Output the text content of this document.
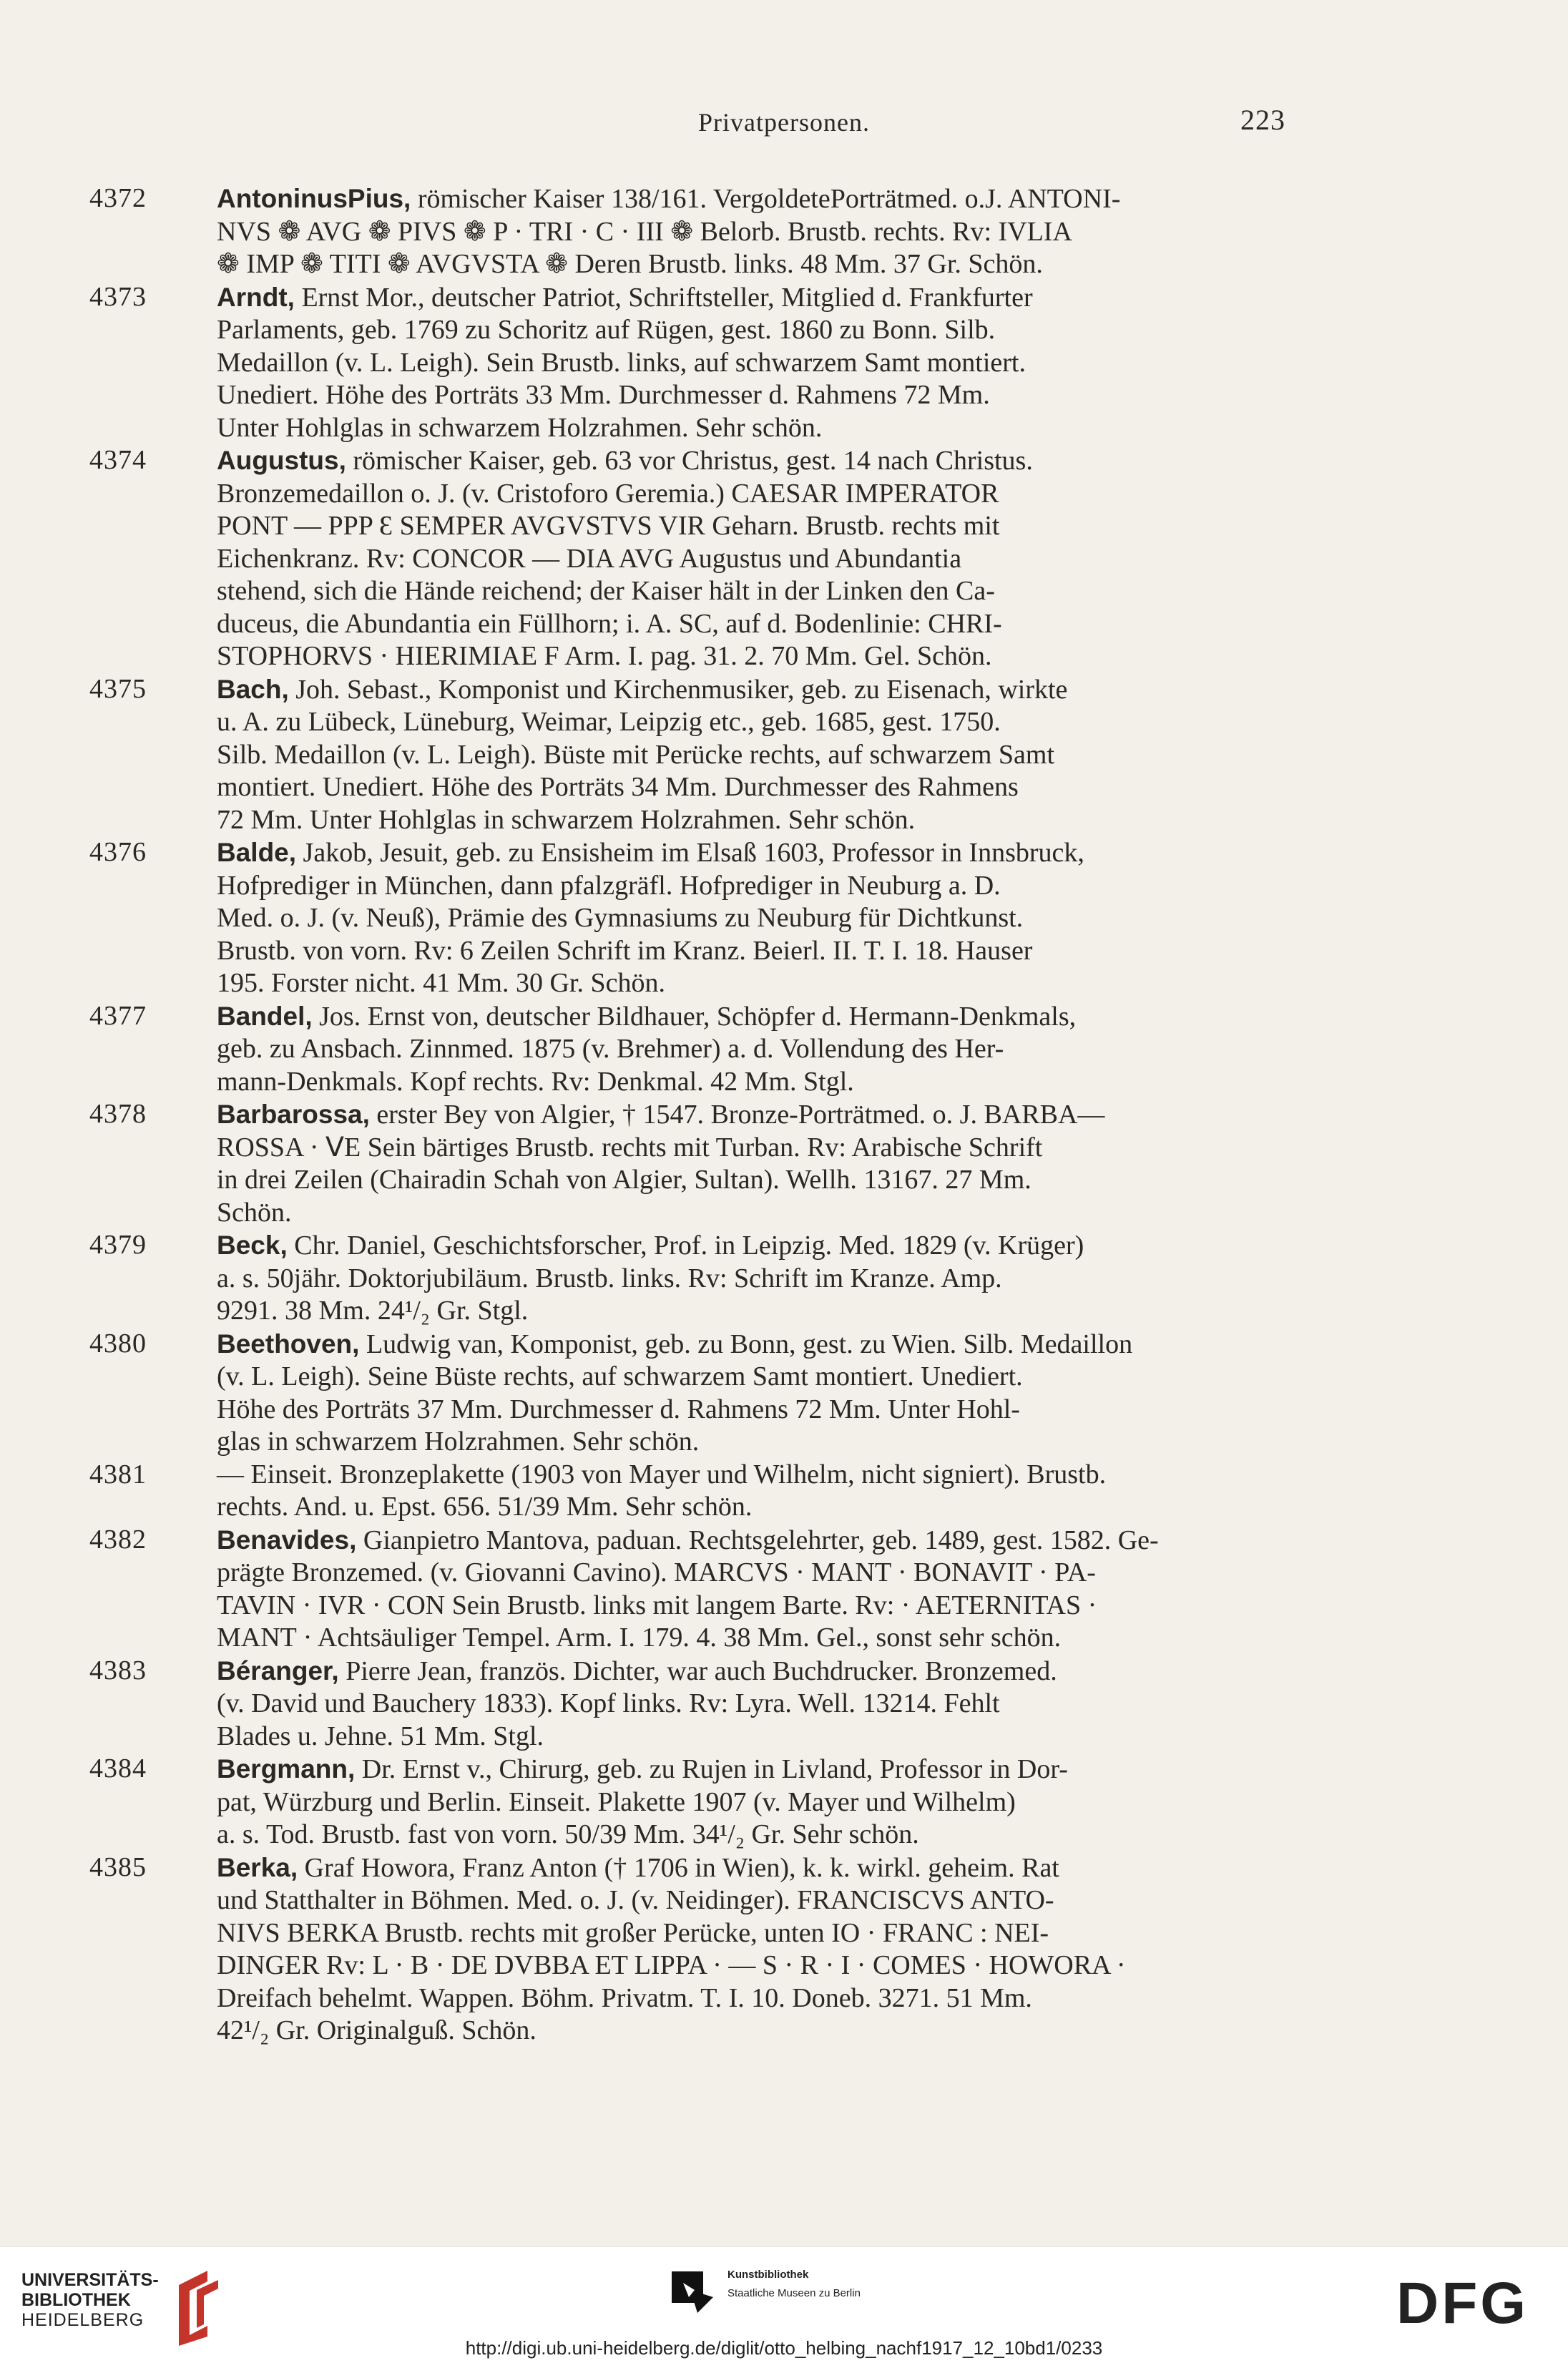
Privatpersonen.	223
4372	AntoninusPius, römischer Kaiser 138/161. VergoldetePorträtmed. o.J. ANTONI-
NVS ❁ AVG ❁ PIVS ❁ P · TRI · C · III ❁ Belorb. Brustb. rechts. Rv: IVLIA
❁ IMP ❁ TITI ❁ AVGVSTA ❁ Deren Brustb. links. 48 Mm. 37 Gr. Schön.
4373	Arndt, Ernst Mor., deutscher Patriot, Schriftsteller, Mitglied d. Frankfurter
Parlaments, geb. 1769 zu Schoritz auf Rügen, gest. 1860 zu Bonn. Silb.
Medaillon (v. L. Leigh). Sein Brustb. links, auf schwarzem Samt montiert.
Unediert. Höhe des Porträts 33 Mm. Durchmesser d. Rahmens 72 Mm.
Unter Hohlglas in schwarzem Holzrahmen. Sehr schön.
4374	Augustus, römischer Kaiser, geb. 63 vor Christus, gest. 14 nach Christus.
Bronzemedaillon o. J. (v. Cristoforo Geremia.) CAESAR IMPERATOR
PONT — PPP Ɛ SEMPER AVGVSTVS VIR Geharn. Brustb. rechts mit
Eichenkranz. Rv: CONCOR — DIA AVG Augustus und Abundantia
stehend, sich die Hände reichend; der Kaiser hält in der Linken den Ca-
duceus, die Abundantia ein Füllhorn; i. A. SC, auf d. Bodenlinie: CHRI-
STOPHORVS · HIERIMIAE F Arm. I. pag. 31. 2. 70 Mm. Gel. Schön.
4375	Bach, Joh. Sebast., Komponist und Kirchenmusiker, geb. zu Eisenach, wirkte
u. A. zu Lübeck, Lüneburg, Weimar, Leipzig etc., geb. 1685, gest. 1750.
Silb. Medaillon (v. L. Leigh). Büste mit Perücke rechts, auf schwarzem Samt
montiert. Unediert. Höhe des Porträts 34 Mm. Durchmesser des Rahmens
72 Mm. Unter Hohlglas in schwarzem Holzrahmen. Sehr schön.
4376	Balde, Jakob, Jesuit, geb. zu Ensisheim im Elsaß 1603, Professor in Innsbruck,
Hofprediger in München, dann pfalzgräfl. Hofprediger in Neuburg a. D.
Med. o. J. (v. Neuß), Prämie des Gymnasiums zu Neuburg für Dichtkunst.
Brustb. von vorn. Rv: 6 Zeilen Schrift im Kranz. Beierl. II. T. I. 18. Hauser
195. Forster nicht. 41 Mm. 30 Gr. Schön.
4377	Bandel, Jos. Ernst von, deutscher Bildhauer, Schöpfer d. Hermann-Denkmals,
geb. zu Ansbach. Zinnmed. 1875 (v. Brehmer) a. d. Vollendung des Her-
mann-Denkmals. Kopf rechts. Rv: Denkmal. 42 Mm. Stgl.
4378	Barbarossa, erster Bey von Algier, † 1547. Bronze-Porträtmed. o. J. BARBA—
ROSSA · ꓦE Sein bärtiges Brustb. rechts mit Turban. Rv: Arabische Schrift
in drei Zeilen (Chairadin Schah von Algier, Sultan). Wellh. 13167. 27 Mm.
Schön.
4379	Beck, Chr. Daniel, Geschichtsforscher, Prof. in Leipzig. Med. 1829 (v. Krüger)
a. s. 50jähr. Doktorjubiläum. Brustb. links. Rv: Schrift im Kranze. Amp.
9291. 38 Mm. 24¹/₂ Gr. Stgl.
4380	Beethoven, Ludwig van, Komponist, geb. zu Bonn, gest. zu Wien. Silb. Medaillon
(v. L. Leigh). Seine Büste rechts, auf schwarzem Samt montiert. Unediert.
Höhe des Porträts 37 Mm. Durchmesser d. Rahmens 72 Mm. Unter Hohl-
glas in schwarzem Holzrahmen. Sehr schön.
4381	— Einseit. Bronzeplakette (1903 von Mayer und Wilhelm, nicht signiert). Brustb.
rechts. And. u. Epst. 656. 51/39 Mm. Sehr schön.
4382	Benavides, Gianpietro Mantova, paduan. Rechtsgelehrter, geb. 1489, gest. 1582. Ge-
prägte Bronzemed. (v. Giovanni Cavino). MARCVS · MANT · BONAVIT · PA-
TAVIN · IVR · CON Sein Brustb. links mit langem Barte. Rv: · AETERNITAS ·
MANT · Achtsäuliger Tempel. Arm. I. 179. 4. 38 Mm. Gel., sonst sehr schön.
4383	Béranger, Pierre Jean, französ. Dichter, war auch Buchdrucker. Bronzemed.
(v. David und Bauchery 1833). Kopf links. Rv: Lyra. Well. 13214. Fehlt
Blades u. Jehne. 51 Mm. Stgl.
4384	Bergmann, Dr. Ernst v., Chirurg, geb. zu Rujen in Livland, Professor in Dor-
pat, Würzburg und Berlin. Einseit. Plakette 1907 (v. Mayer und Wilhelm)
a. s. Tod. Brustb. fast von vorn. 50/39 Mm. 34¹/₂ Gr. Sehr schön.
4385	Berka, Graf Howora, Franz Anton († 1706 in Wien), k. k. wirkl. geheim. Rat
und Statthalter in Böhmen. Med. o. J. (v. Neidinger). FRANCISCVS ANTO-
NIVS BERKA Brustb. rechts mit großer Perücke, unten IO · FRANC : NEI-
DINGER Rv: L · B · DE DVBBA ET LIPPA · — S · R · I · COMES · HOWORA ·
Dreifach behelmt. Wappen. Böhm. Privatm. T. I. 10. Doneb. 3271. 51 Mm.
42¹/₂ Gr. Originalguß. Schön.
UNIVERSITÄTS-
BIBLIOTHEK
HEIDELBERG
Kunstbibliothek
Staatliche Museen zu Berlin	DFG
http://digi.ub.uni-heidelberg.de/diglit/otto_helbing_nachf1917_12_10bd1/0233
